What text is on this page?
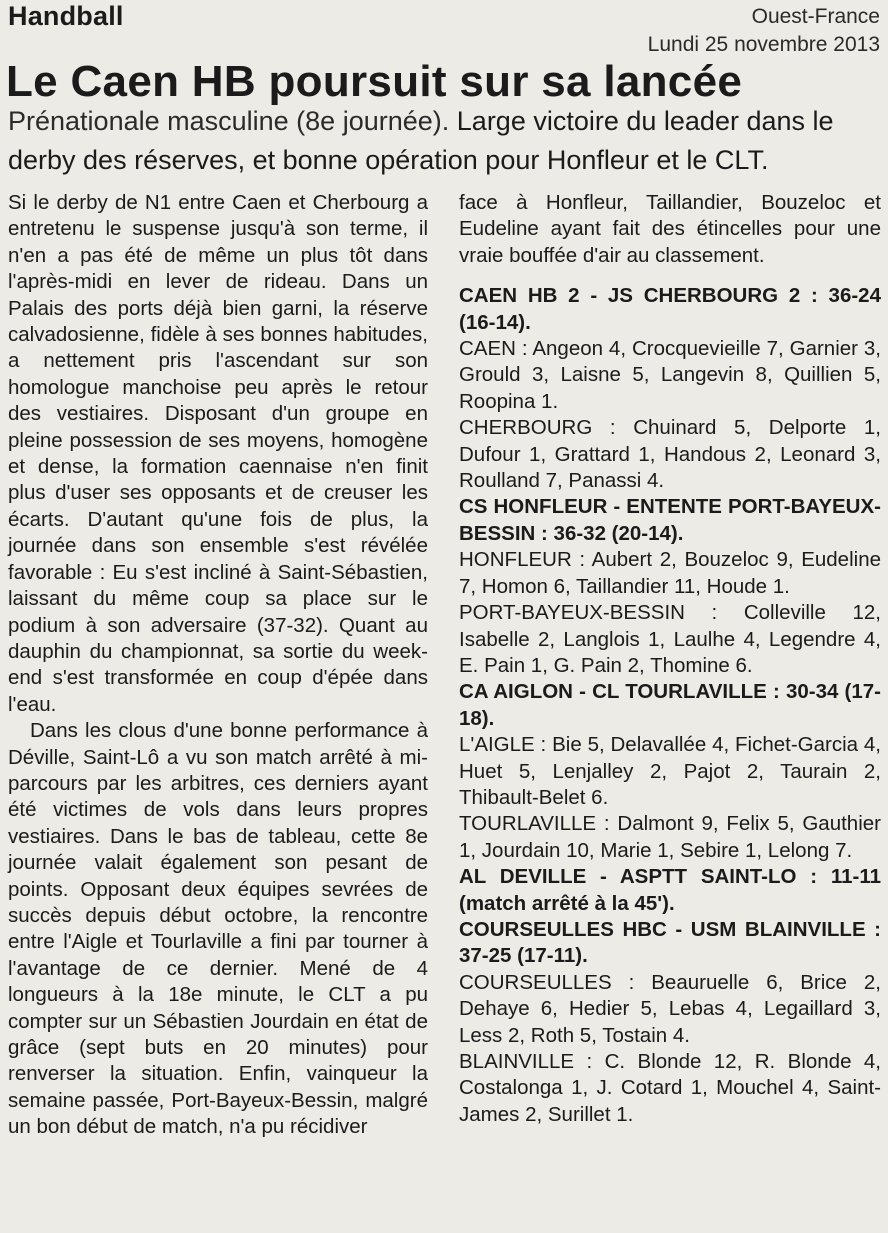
Handball	Ouest-France
Lundi 25 novembre 2013
Le Caen HB poursuit sur sa lancée
Prénationale masculine (8e journée). Large victoire du leader dans le derby des réserves, et bonne opération pour Honfleur et le CLT.

Si le derby de N1 entre Caen et Cherbourg a entretenu le suspense jusqu'à son terme, il n'en a pas été de même un plus tôt dans l'après-midi en lever de rideau. Dans un Palais des ports déjà bien garni, la réserve calvadosienne, fidèle à ses bonnes habitudes, a nettement pris l'ascendant sur son homologue manchoise peu après le retour des vestiaires. Disposant d'un groupe en pleine possession de ses moyens, homogène et dense, la formation caennaise n'en finit plus d'user ses opposants et de creuser les écarts. D'autant qu'une fois de plus, la journée dans son ensemble s'est révélée favorable : Eu s'est incliné à Saint-Sébastien, laissant du même coup sa place sur le podium à son adversaire (37-32). Quant au dauphin du championnat, sa sortie du week-end s'est transformée en coup d'épée dans l'eau.

Dans les clous d'une bonne performance à Déville, Saint-Lô a vu son match arrêté à mi-parcours par les arbitres, ces derniers ayant été victimes de vols dans leurs propres vestiaires. Dans le bas de tableau, cette 8e journée valait également son pesant de points. Opposant deux équipes sevrées de succès depuis début octobre, la rencontre entre l'Aigle et Tourlaville a fini par tourner à l'avantage de ce dernier. Mené de 4 longueurs à la 18e minute, le CLT a pu compter sur un Sébastien Jourdain en état de grâce (sept buts en 20 minutes) pour renverser la situation. Enfin, vainqueur la semaine passée, Port-Bayeux-Bessin, malgré un bon début de match, n'a pu récidiver

face à Honfleur, Taillandier, Bouzeloc et Eudeline ayant fait des étincelles pour une vraie bouffée d'air au classement.

CAEN HB 2 - JS CHERBOURG 2 : 36-24 (16-14).

CAEN : Angeon 4, Crocquevieille 7, Garnier 3, Grould 3, Laisne 5, Langevin 8, Quillien 5, Roopina 1.

CHERBOURG : Chuinard 5, Delporte 1, Dufour 1, Grattard 1, Handous 2, Leonard 3, Roulland 7, Panassi 4.

CS HONFLEUR - ENTENTE PORT-BAYEUX-BESSIN : 36-32 (20-14).

HONFLEUR : Aubert 2, Bouzeloc 9, Eudeline 7, Homon 6, Taillandier 11, Houde 1.

PORT-BAYEUX-BESSIN : Colleville 12, Isabelle 2, Langlois 1, Laulhe 4, Legendre 4, E. Pain 1, G. Pain 2, Thomine 6.

CA AIGLON - CL TOURLAVILLE : 30-34 (17-18).

L'AIGLE : Bie 5, Delavallée 4, Fichet-Garcia 4, Huet 5, Lenjalley 2, Pajot 2, Taurain 2, Thibault-Belet 6.

TOURLAVILLE : Dalmont 9, Felix 5, Gauthier 1, Jourdain 10, Marie 1, Sebire 1, Lelong 7.

AL DEVILLE - ASPTT SAINT-LO : 11-11 (match arrêté à la 45').

COURSEULLES HBC - USM BLAINVILLE : 37-25 (17-11).

COURSEULLES : Beauruelle 6, Brice 2, Dehaye 6, Hedier 5, Lebas 4, Legaillard 3, Less 2, Roth 5, Tostain 4.

BLAINVILLE : C. Blonde 12, R. Blonde 4, Costalonga 1, J. Cotard 1, Mouchel 4, Saint-James 2, Surillet 1.
